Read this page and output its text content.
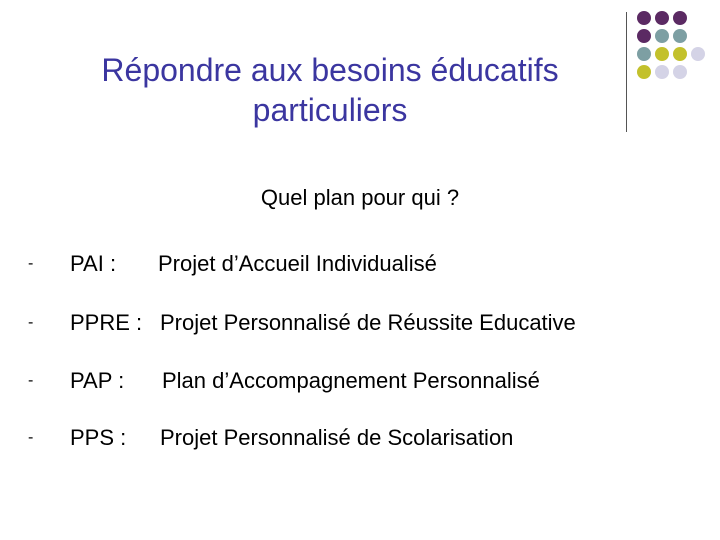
Répondre aux besoins éducatifs
particuliers

Quel plan pour qui ?

-	PAI : Projet d’Accueil Individualisé
-	PPRE : Projet Personnalisé de Réussite Educative
-	PAP : Plan d’Accompagnement Personnalisé
-	PPS : Projet Personnalisé de Scolarisation
